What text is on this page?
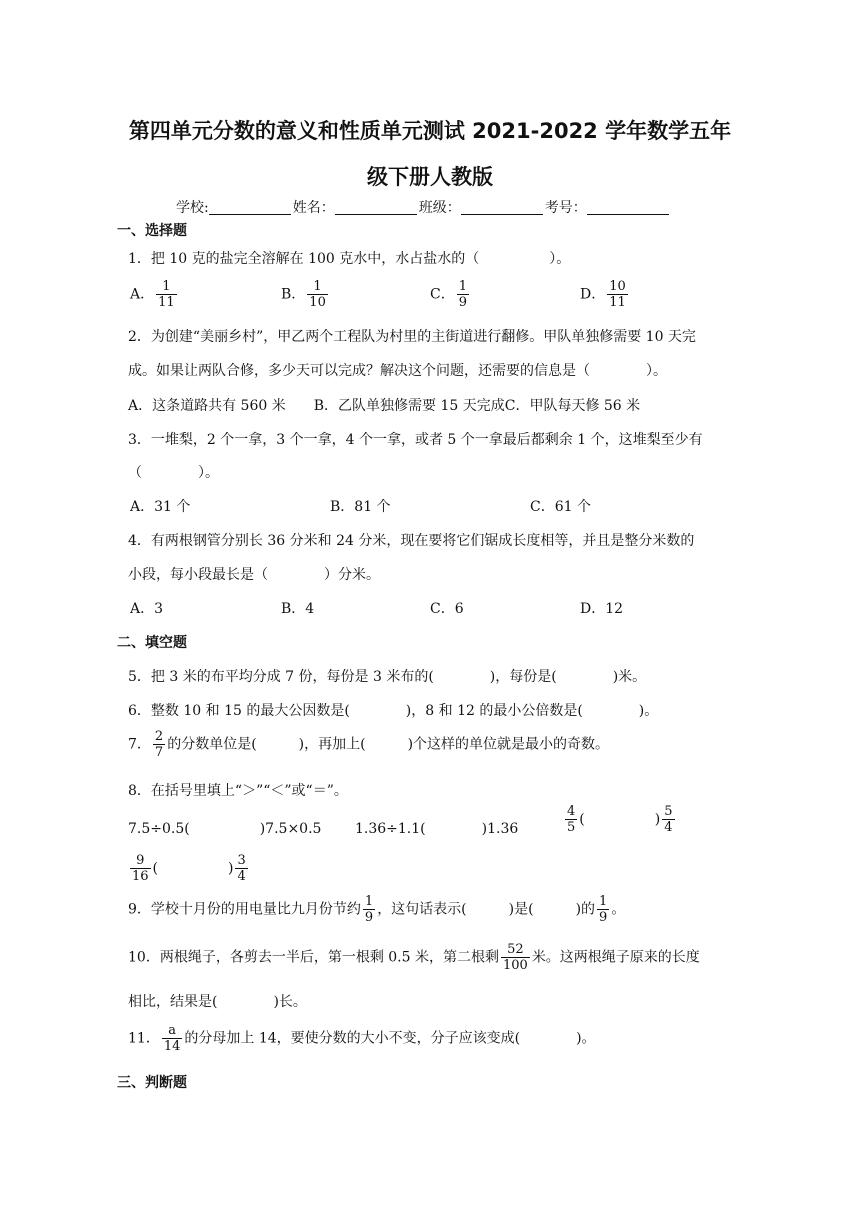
第四单元分数的意义和性质单元测试 2021-2022 学年数学五年
级下册人教版
学校:	姓名：	班级：	考号：
一、选择题
1．把 10 克的盐完全溶解在 100 克水中，水占盐水的（　　　　　）。
A． $\frac{1}{11}$	B． $\frac{1}{10}$	C． $\frac{1}{9}$	D． $\frac{10}{11}$
2．为创建“美丽乡村”，甲乙两个工程队为村里的主街道进行翻修。甲队单独修需要 10 天完
成。如果让两队合修，多少天可以完成？解决这个问题，还需要的信息是（　　　　）。
A．这条道路共有 560 米　　B．乙队单独修需要 15 天完成C．甲队每天修 56 米
3．一堆梨，2 个一拿，3 个一拿，4 个一拿，或者 5 个一拿最后都剩余 1 个，这堆梨至少有
（　　　　）。
A．31 个	B．81 个	C．61 个
4．有两根钢管分别长 36 分米和 24 分米，现在要将它们锯成长度相等，并且是整分米数的
小段，每小段最长是（　　　　）分米。
A．3	B．4	C．6	D．12
二、填空题
5．把 3 米的布平均分成 7 份，每份是 3 米布的(　　　　)，每份是(　　　　)米。
6．整数 10 和 15 的最大公因数是(　　　　)，8 和 12 的最小公倍数是(　　　　)。
7． $\frac{2}{7}$ 的分数单位是(　　　)，再加上(　　　)个这样的单位就是最小的奇数。
8．在括号里填上“＞”“＜”或“＝”。
7.5÷0.5(　　　　　)7.5×0.5 1.36÷1.1(　　　　)1.36	$\frac{4}{5}$ (　　　　　) $\frac{5}{4}$
$\frac{9}{16}$ (　　　　　) $\frac{3}{4}$
9．学校十月份的用电量比九月份节约 $\frac{1}{9}$ ，这句话表示(　　　)是(　　　)的 $\frac{1}{9}$ 。
10．两根绳子，各剪去一半后，第一根剩 0.5 米，第二根剩 $\frac{52}{100}$ 米。这两根绳子原来的长度
相比，结果是(　　　　)长。
11． $\frac{a}{14}$ 的分母加上 14，要使分数的大小不变，分子应该变成(　　　　)。
三、判断题
